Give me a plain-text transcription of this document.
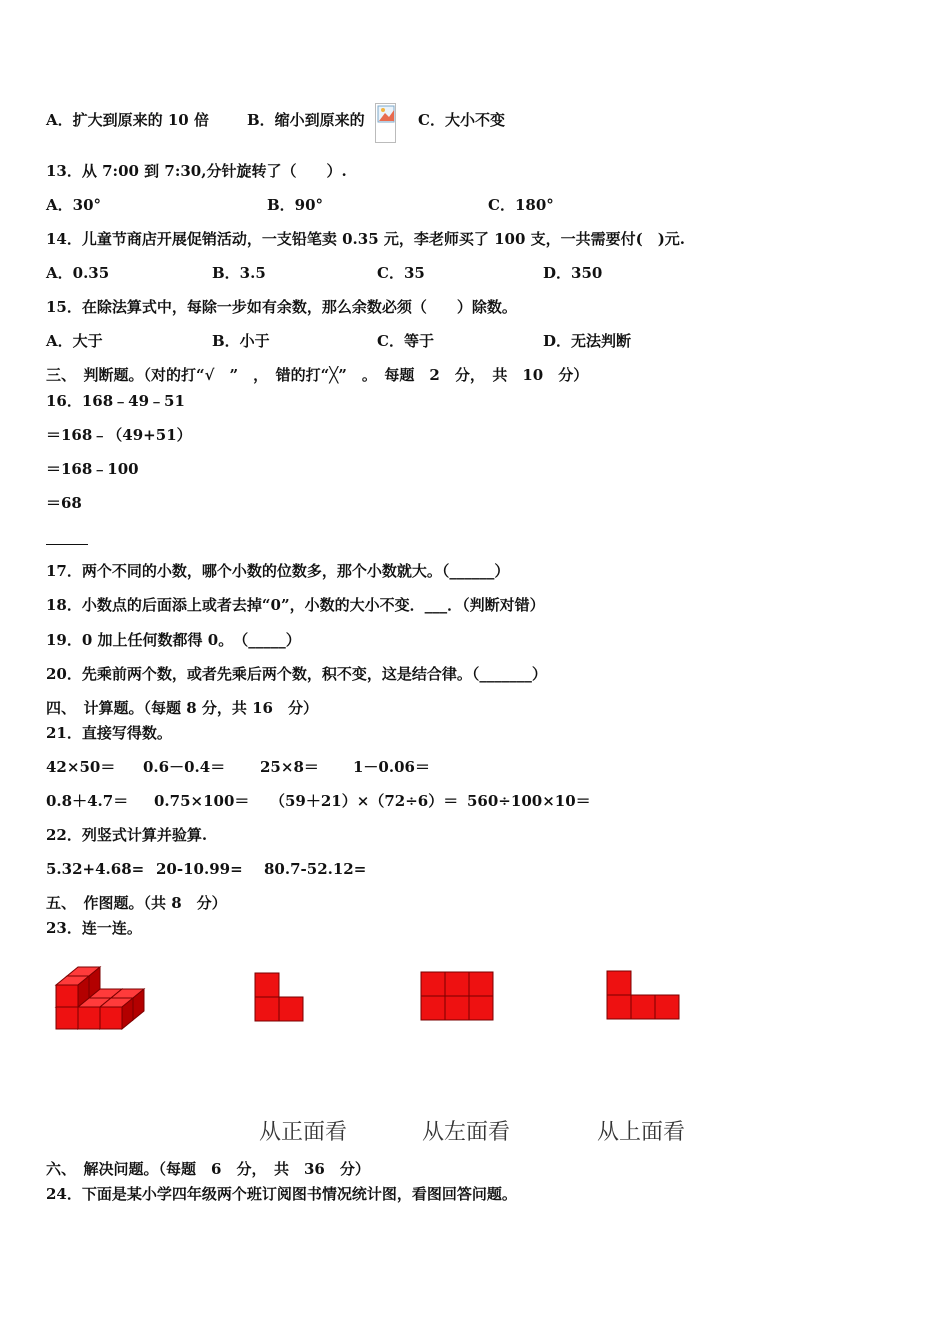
A．扩大到原来的 10 倍	B．缩小到原来的	C．大小不变
13．从 7:00 到 7:30,分针旋转了（　　）.
A．30°	B．90°	C．180°
14．儿童节商店开展促销活动，一支铅笔卖 0.35 元，李老师买了 100 支，一共需要付(　)元.
A．0.35	B．3.5	C．35	D．350
15．在除法算式中，每除一步如有余数，那么余数必须（　　）除数。
A．大于	B．小于	C．等于	D．无法判断
三、　判断题。（对的打“√　”　，　错的打“╳”　。　每题　2　分，　共　10　分）
16．168﹣49﹣51
＝168﹣（49+51）
＝168﹣100
＝68
17．两个不同的小数，哪个小数的位数多，那个小数就大。（______）
18．小数点的后面添上或者去掉“0”，小数的大小不变．___．（判断对错）
19．0 加上任何数都得 0。　（_____）
20．先乘前两个数，或者先乘后两个数，积不变，这是结合律。（_______）
四、　计算题。（每题 8 分，共 16　分）
21．直接写得数。
42×50＝ 0.6－0.4＝ 25×8＝ 1－0.06＝
0.8＋4.7＝ 0.75×100＝ （59＋21）×（72÷6）＝ 560÷100×10＝
22．列竖式计算并验算.
5.32+4.68= 20-10.99= 80.7-52.12=
五、　作图题。（共 8　分）
23．连一连。
从正面看	从左面看	从上面看
六、　解决问题。（每题　6　分，　共　36　分）
24．下面是某小学四年级两个班订阅图书情况统计图，看图回答问题。
